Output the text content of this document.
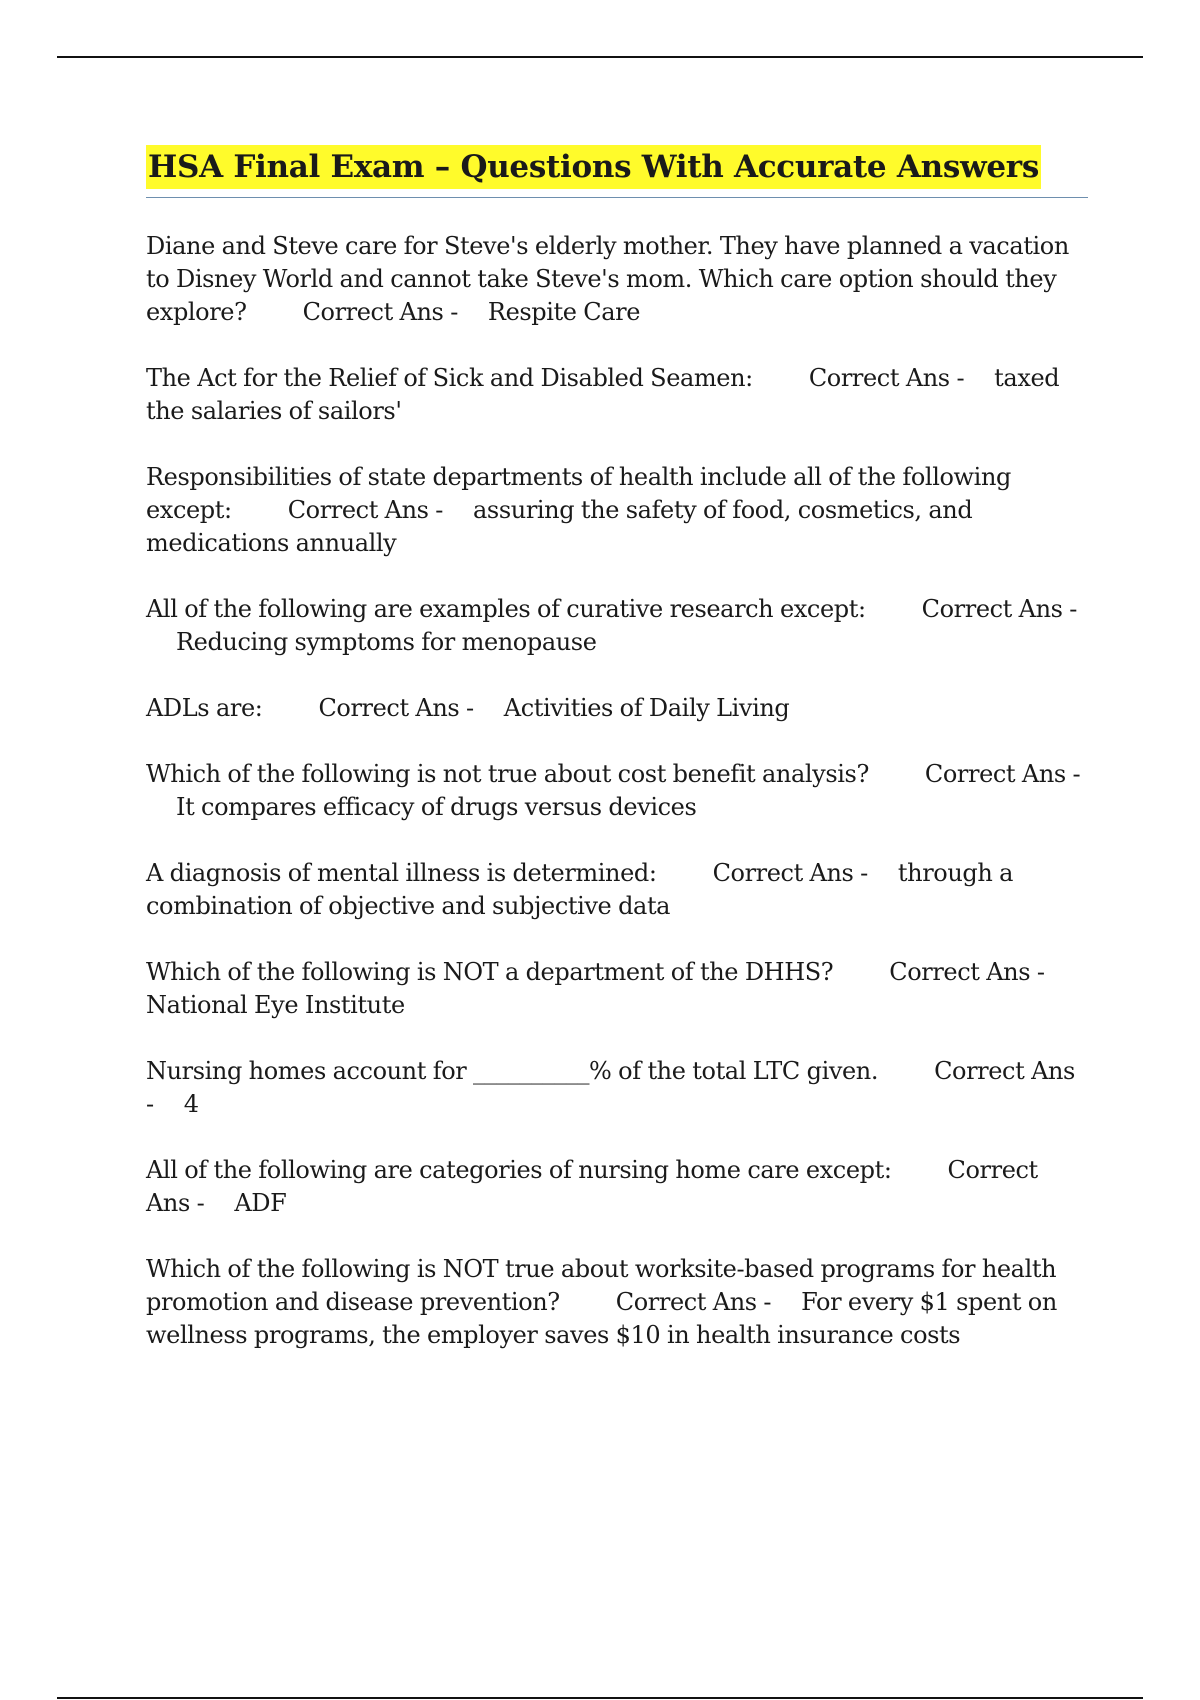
HSA Final Exam – Questions With Accurate Answers

Diane and Steve care for Steve's elderly mother. They have planned a vacation to Disney World and cannot take Steve's mom. Which care option should they explore? Correct Ans - Respite Care

The Act for the Relief of Sick and Disabled Seamen: Correct Ans - taxed the salaries of sailors'

Responsibilities of state departments of health include all of the following except: Correct Ans - assuring the safety of food, cosmetics, and medications annually

All of the following are examples of curative research except: Correct Ans -Reducing symptoms for menopause

ADLs are: Correct Ans - Activities of Daily Living

Which of the following is not true about cost benefit analysis? Correct Ans -It compares efficacy of drugs versus devices

A diagnosis of mental illness is determined: Correct Ans - through a combination of objective and subjective data

Which of the following is NOT a department of the DHHS? Correct Ans -National Eye Institute

Nursing homes account for __________% of the total LTC given. Correct Ans - 4

All of the following are categories of nursing home care except: Correct Ans - ADF

Which of the following is NOT true about worksite-based programs for health promotion and disease prevention? Correct Ans - For every $1 spent on wellness programs, the employer saves $10 in health insurance costs
